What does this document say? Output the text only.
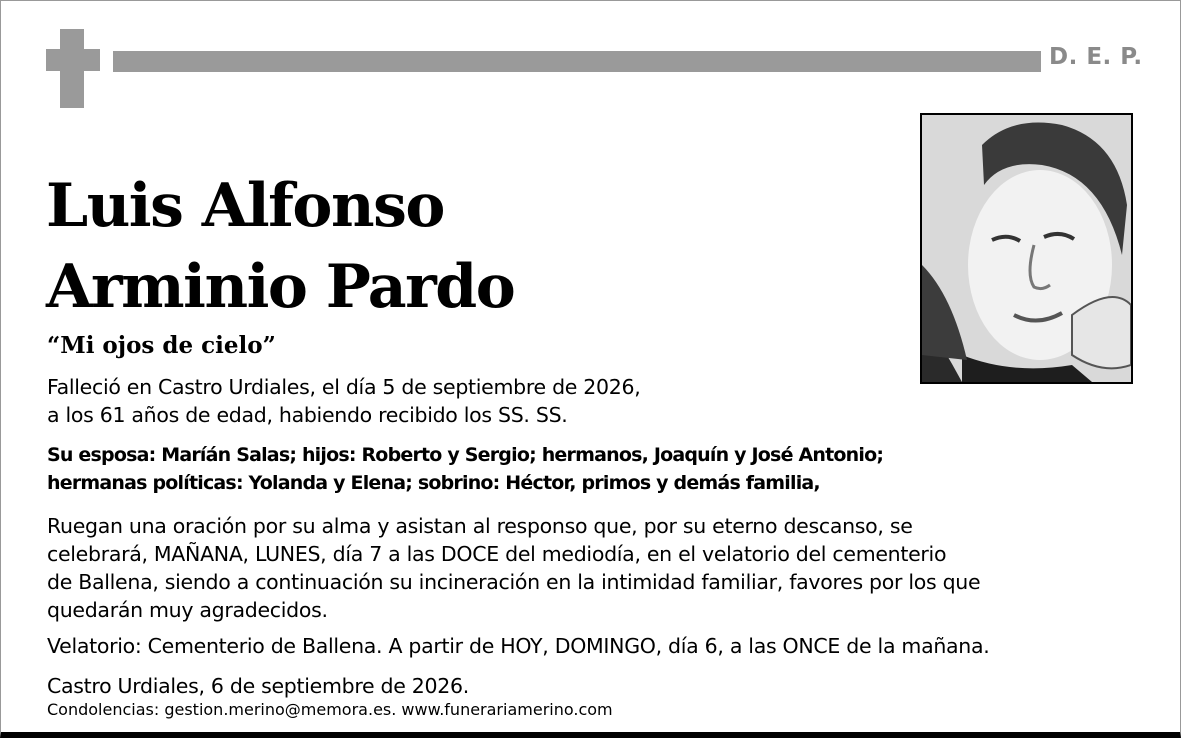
D. E. P.
Luis Alfonso
Arminio Pardo
“Mi ojos de cielo”

Falleció en Castro Urdiales, el día 5 de septiembre de 2026,
a los 61 años de edad, habiendo recibido los SS. SS.

Su esposa: Maríán Salas; hijos: Roberto y Sergio; hermanos, Joaquín y José Antonio;
hermanas políticas: Yolanda y Elena; sobrino: Héctor, primos y demás familia,

Ruegan una oración por su alma y asistan al responso que, por su eterno descanso, se
celebrará, MAÑANA, LUNES, día 7 a las DOCE del mediodía, en el velatorio del cementerio
de Ballena, siendo a continuación su incineración en la intimidad familiar, favores por los que
quedarán muy agradecidos.

Velatorio: Cementerio de Ballena. A partir de HOY, DOMINGO, día 6, a las ONCE de la mañana.

Castro Urdiales, 6 de septiembre de 2026.

Condolencias: gestion.merino@memora.es. www.funerariamerino.com
